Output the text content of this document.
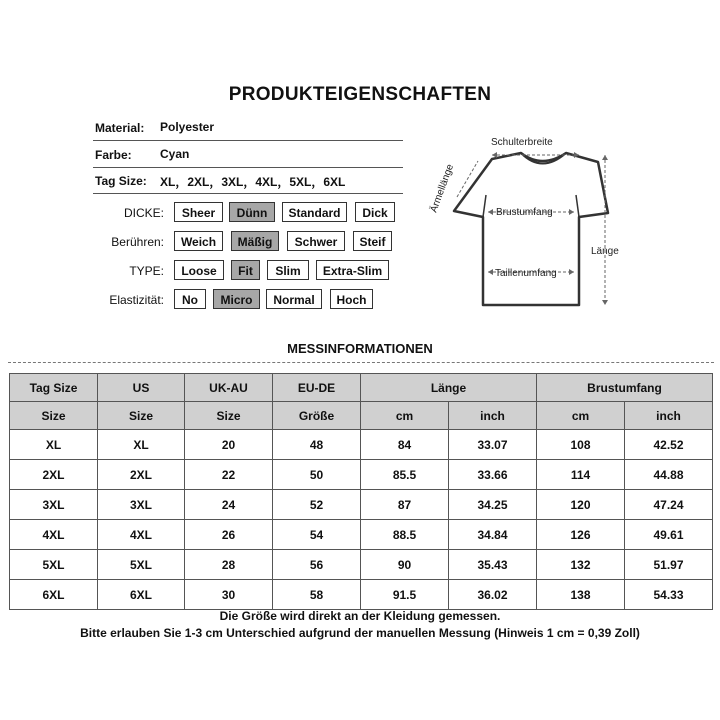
PRODUKTEIGENSCHAFTEN
Material: Polyester
Farbe: Cyan
Tag Size: XL，2XL，3XL，4XL，5XL，6XL
DICKE:	Sheer	Dünn	Standard	Dick
Berühren:	Weich	Mäßig	Schwer	Steif
TYPE:	Loose	Fit	Slim	Extra-Slim
Elastizität:	No	Micro	Normal	Hoch
Schulterbreite
Ärmellänge	Brustumfang
Taillenumfang
Länge
MESSINFORMATIONEN
Tag Size	US	UK-AU	EU-DE	Länge		Brustumfang	
Size	Size	Size	Größe	cm	inch	cm	inch
XL	XL	20	48	84	33.07	108	42.52
2XL	2XL	22	50	85.5	33.66	114	44.88
3XL	3XL	24	52	87	34.25	120	47.24
4XL	4XL	26	54	88.5	34.84	126	49.61
5XL	5XL	28	56	90	35.43	132	51.97
6XL	6XL	30	58	91.5	36.02	138	54.33
Die Größe wird direkt an der Kleidung gemessen.
Bitte erlauben Sie 1-3 cm Unterschied aufgrund der manuellen Messung (Hinweis 1 cm = 0,39 Zoll)
